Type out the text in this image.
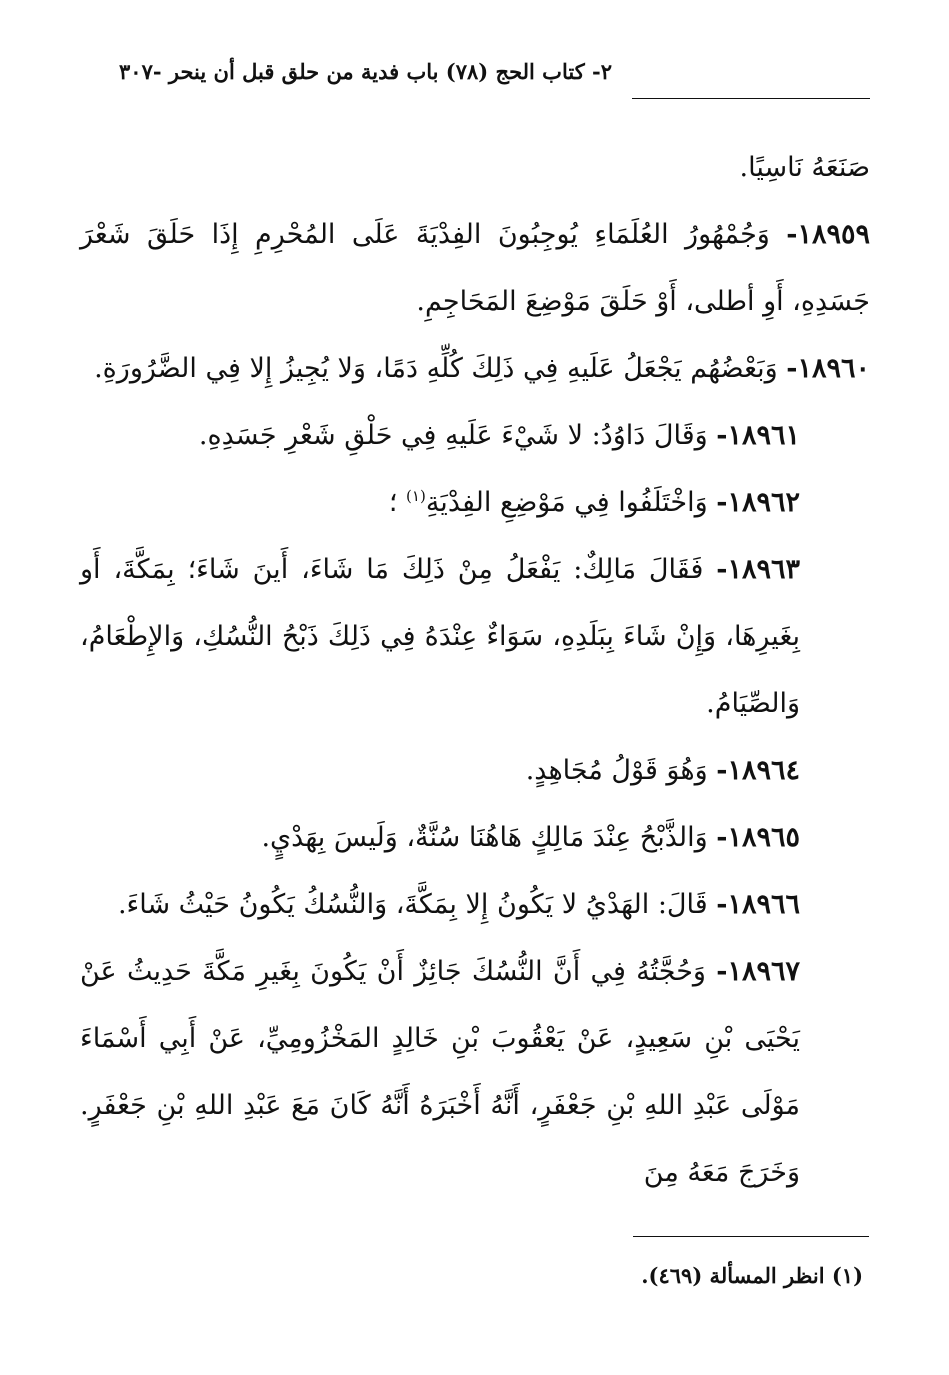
٢- كتاب الحج (٧٨) باب فدية من حلق قبل أن ينحر -٣٠٧

صَنَعَهُ نَاسِيًا.

١٨٩٥٩- وَجُمْهُورُ العُلَمَاءِ يُوجِبُونَ الفِدْيَةَ عَلَى المُحْرِمِ إِذَا حَلَقَ شَعْرَ جَسَدِهِ، أَوِ أطلى، أَوْ حَلَقَ مَوْضِعَ المَحَاجِمِ.

١٨٩٦٠- وَبَعْضُهُم يَجْعَلُ عَلَيهِ فِي ذَلِكَ كُلِّهِ دَمًا، وَلا يُجِيزُ إِلا فِي الضَّرُورَةِ.

١٨٩٦١- وَقَالَ دَاوُدُ: لا شَيْءَ عَلَيهِ فِي حَلْقِ شَعْرِ جَسَدِهِ.

١٨٩٦٢- وَاخْتَلَفُوا فِي مَوْضِعِ الفِدْيَةِ$^{(١)}$ ؛

١٨٩٦٣- فَقَالَ مَالِكٌ: يَفْعَلُ مِنْ ذَلِكَ مَا شَاءَ، أَينَ شَاءَ؛ بِمَكَّةَ، أَو بِغَيرِهَا، وَإِنْ شَاءَ بِبَلَدِهِ، سَوَاءٌ عِنْدَهُ فِي ذَلِكَ ذَبْحُ النُّسُكِ، وَالإِطْعَامُ، وَالصِّيَامُ.

١٨٩٦٤- وَهُوَ قَوْلُ مُجَاهِدٍ.

١٨٩٦٥- وَالذَّبْحُ عِنْدَ مَالِكٍ هَاهُنَا سُنَّةٌ، وَلَيسَ بِهَدْيٍ.

١٨٩٦٦- قَالَ: الهَدْيُ لا يَكُونُ إِلا بِمَكَّةَ، وَالنُّسُكُ يَكُونُ حَيْثُ شَاءَ.

١٨٩٦٧- وَحُجَّتُهُ فِي أَنَّ النُّسُكَ جَائِزٌ أَنْ يَكُونَ بِغَيرِ مَكَّةَ حَدِيثُ عَنْ يَحْيَى بْنِ سَعِيدٍ، عَنْ يَعْقُوبَ بْنِ خَالِدٍ المَخْزُومِيِّ، عَنْ أَبِي أَسْمَاءَ مَوْلَى عَبْدِ اللهِ بْنِ جَعْفَرٍ، أَنَّهُ أَخْبَرَهُ أَنَّهُ كَانَ مَعَ عَبْدِ اللهِ بْنِ جَعْفَرٍ. وَخَرَجَ مَعَهُ مِنَ

(١) انظر المسألة (٤٦٩).
